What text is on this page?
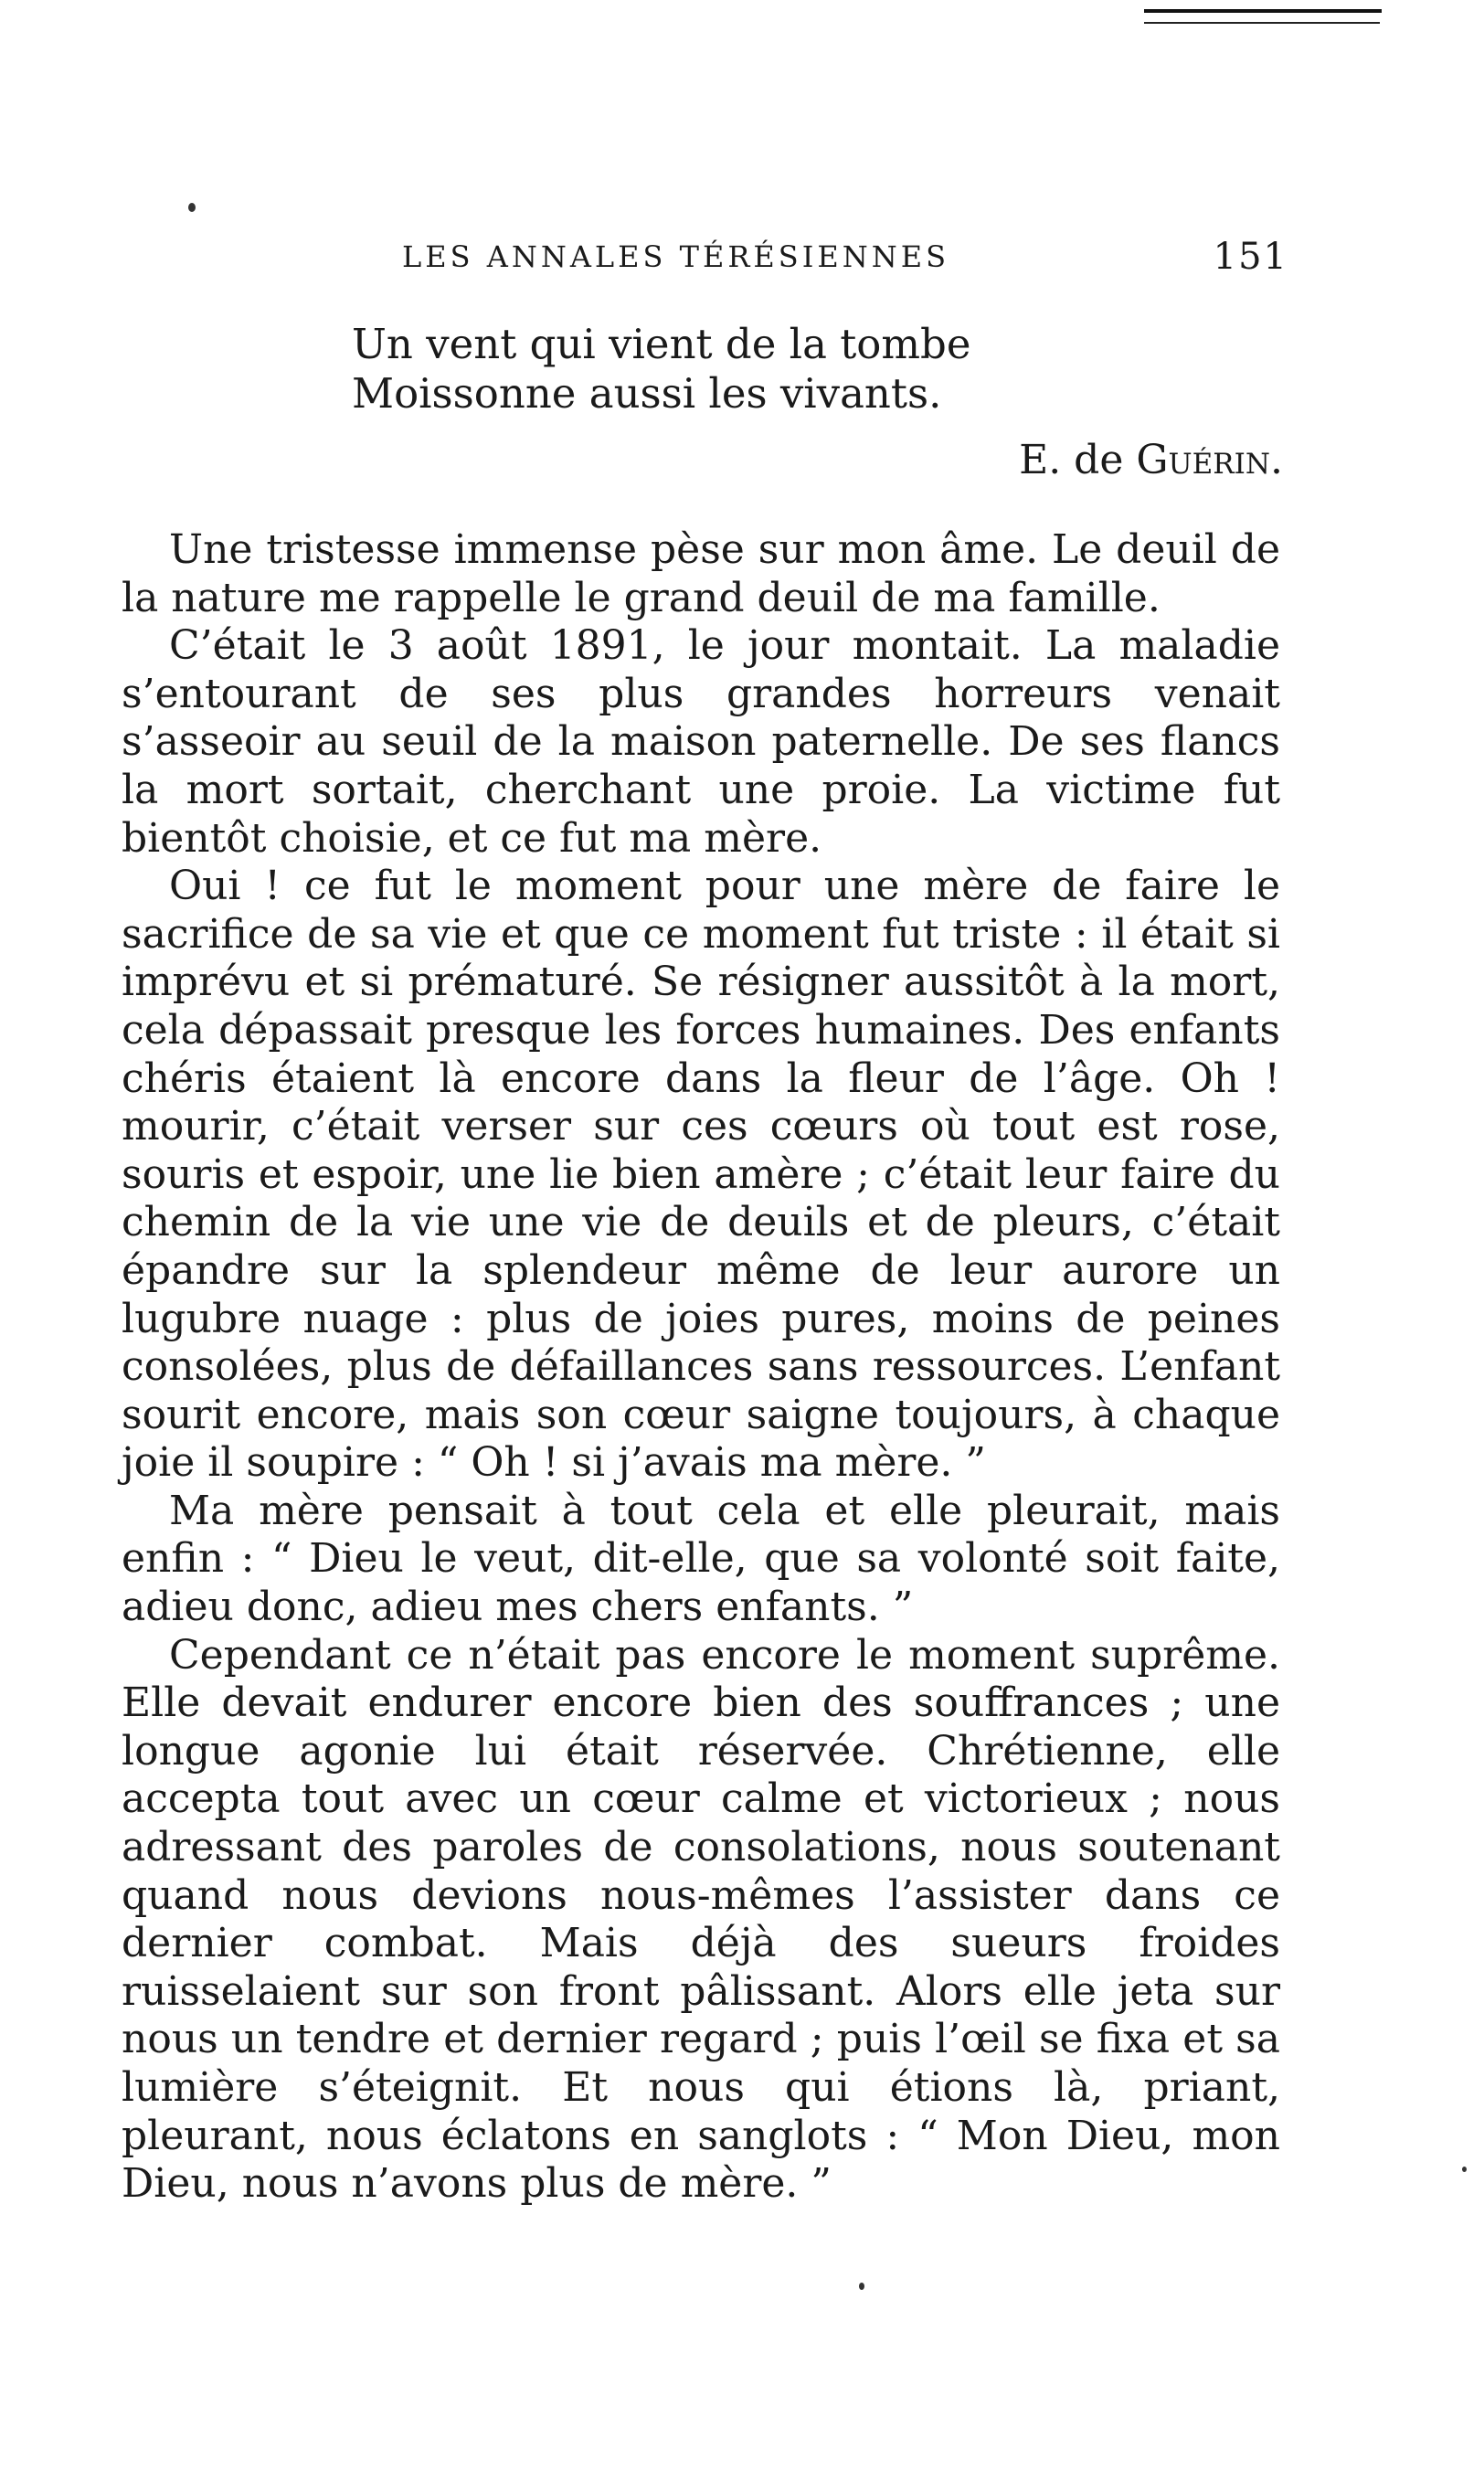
LES ANNALES TÉRÉSIENNES	151
Un vent qui vient de la tombe
Moissonne aussi les vivants.
E. de Guérin.

Une tristesse immense pèse sur mon âme. Le deuil de la nature me rappelle le grand deuil de ma famille.

C’était le 3 août 1891, le jour montait. La maladie s’entourant de ses plus grandes horreurs venait s’asseoir au seuil de la maison paternelle. De ses flancs la mort sortait, cherchant une proie. La victime fut bientôt choisie, et ce fut ma mère.

Oui ! ce fut le moment pour une mère de faire le sacrifice de sa vie et que ce moment fut triste : il était si imprévu et si prématuré. Se résigner aussitôt à la mort, cela dépassait presque les forces humaines. Des enfants chéris étaient là encore dans la fleur de l’âge. Oh ! mourir, c’était verser sur ces cœurs où tout est rose, souris et espoir, une lie bien amère ; c’était leur faire du chemin de la vie une vie de deuils et de pleurs, c’était épandre sur la splendeur même de leur aurore un lugubre nuage : plus de joies pures, moins de peines consolées, plus de défaillances sans ressources. L’enfant sourit encore, mais son cœur saigne toujours, à chaque joie il soupire : “ Oh ! si j’avais ma mère. ”

Ma mère pensait à tout cela et elle pleurait, mais enfin : “ Dieu le veut, dit-elle, que sa volonté soit faite, adieu donc, adieu mes chers enfants. ”

Cependant ce n’était pas encore le moment suprême. Elle devait endurer encore bien des souffrances ; une longue agonie lui était réservée. Chrétienne, elle accepta tout avec un cœur calme et victorieux ; nous adressant des paroles de consolations, nous soutenant quand nous devions nous-mêmes l’assister dans ce dernier combat. Mais déjà des sueurs froides ruisselaient sur son front pâlissant. Alors elle jeta sur nous un tendre et dernier regard ; puis l’œil se fixa et sa lumière s’éteignit. Et nous qui étions là, priant, pleurant, nous éclatons en sanglots : “ Mon Dieu, mon Dieu, nous n’avons plus de mère. ”
